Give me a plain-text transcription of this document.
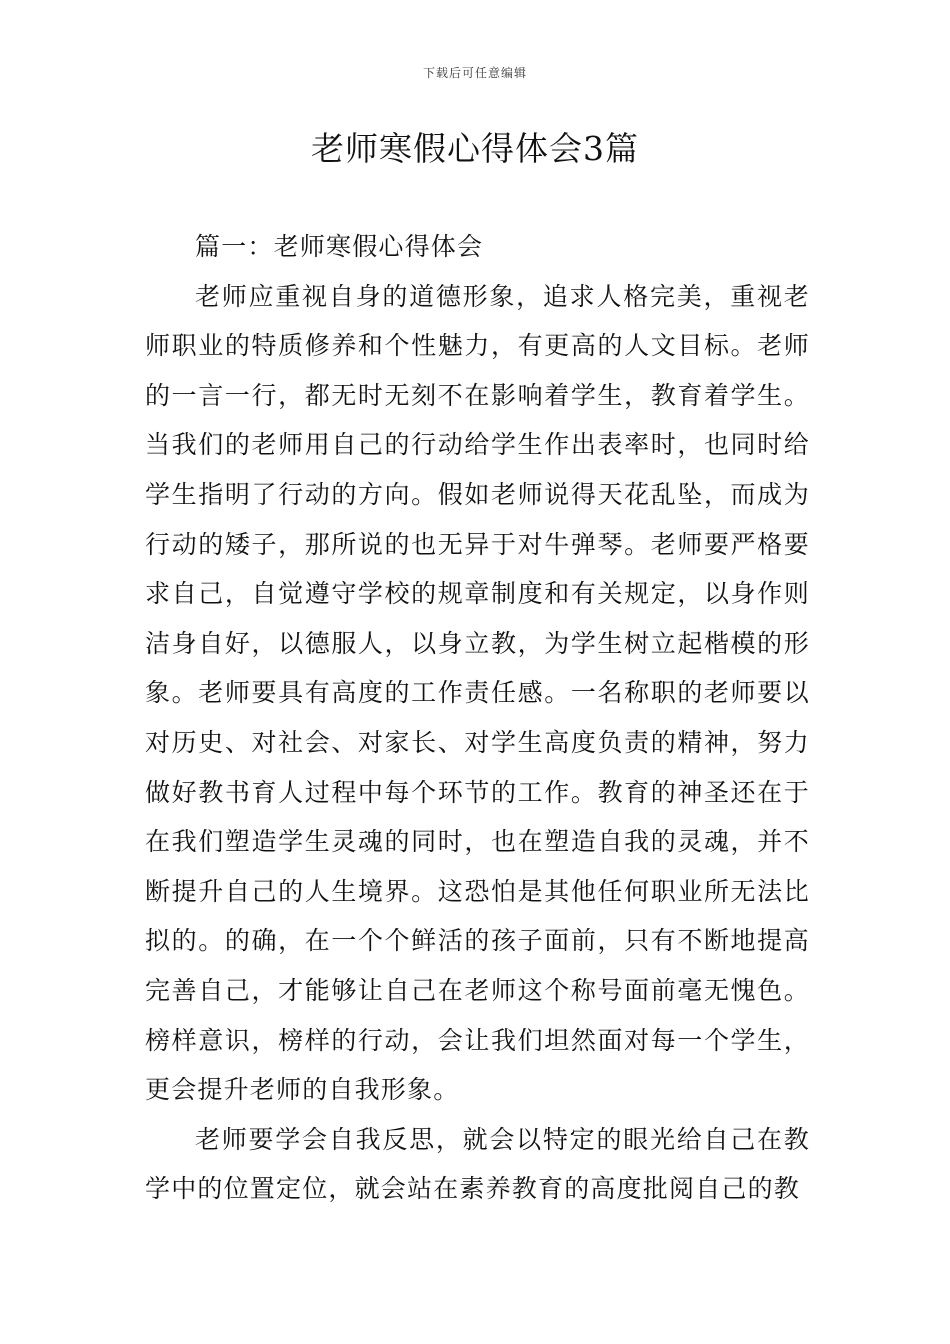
下载后可任意编辑
老师寒假心得体会3篇

篇一：老师寒假心得体会

老师应重视自身的道德形象，追求人格完美，重视老师职业的特质修养和个性魅力，有更高的人文目标。老师的一言一行，都无时无刻不在影响着学生，教育着学生。当我们的老师用自己的行动给学生作出表率时，也同时给学生指明了行动的方向。假如老师说得天花乱坠，而成为行动的矮子，那所说的也无异于对牛弹琴。老师要严格要求自己，自觉遵守学校的规章制度和有关规定，以身作则洁身自好，以德服人，以身立教，为学生树立起楷模的形象。老师要具有高度的工作责任感。一名称职的老师要以对历史、对社会、对家长、对学生高度负责的精神，努力做好教书育人过程中每个环节的工作。教育的神圣还在于在我们塑造学生灵魂的同时，也在塑造自我的灵魂，并不断提升自己的人生境界。这恐怕是其他任何职业所无法比拟的。的确，在一个个鲜活的孩子面前，只有不断地提高完善自己，才能够让自己在老师这个称号面前毫无愧色。榜样意识，榜样的行动，会让我们坦然面对每一个学生，更会提升老师的自我形象。

老师要学会自我反思，就会以特定的眼光给自己在教学中的位置定位，就会站在素养教育的高度批阅自己的教
